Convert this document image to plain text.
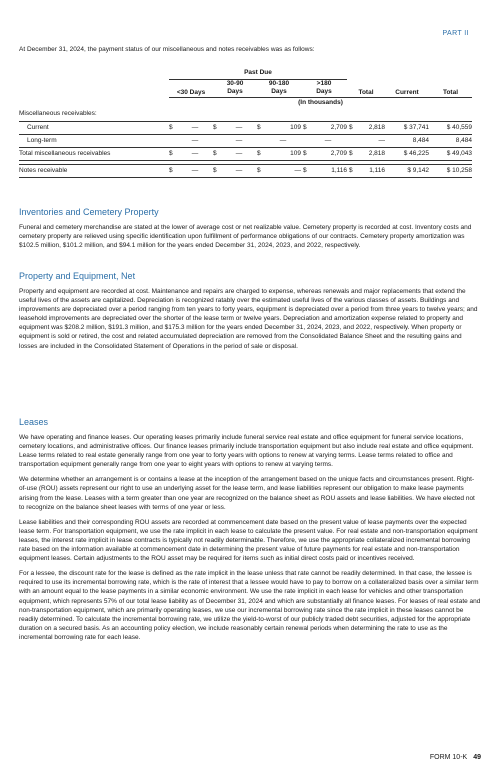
PART II
At December 31, 2024, the payment status of our miscellaneous and notes receivables was as follows:
	Past Due											
	<30 Days		30-90
Days		90-180
Days		>180
Days		Total		Current	Total
	(In thousands)											
Miscellaneous receivables:												
Current	$	—	$	—	$	109	$	2,709	$	2,818	$ 37,741	$ 40,559
Long-term		—		—		—		—		—	8,484	8,484
Total miscellaneous receivables	$	—	$	—	$	109	$	2,709	$	2,818	$ 46,225	$ 49,043

Notes receivable	$	—	$	—	$	—	$	1,116	$	1,116	$ 9,142	$ 10,258
Inventories and Cemetery Property

Funeral and cemetery merchandise are stated at the lower of average cost or net realizable value. Cemetery property is recorded at cost. Inventory costs and cemetery property are relieved using specific identification upon fulfillment of performance obligations of our contracts. Cemetery property amortization was $102.5 million, $101.2 million, and $94.1 million for the years ended December 31, 2024, 2023, and 2022, respectively.

Property and Equipment, Net

Property and equipment are recorded at cost. Maintenance and repairs are charged to expense, whereas renewals and major replacements that extend the useful lives of the assets are capitalized. Depreciation is recognized ratably over the estimated useful lives of the various classes of assets. Buildings and improvements are depreciated over a period ranging from ten years to forty years, equipment is depreciated over a period from three years to twelve years; and leasehold improvements are depreciated over the shorter of the lease term or twelve years. Depreciation and amortization expense related to property and equipment was $208.2 million, $191.3 million, and $175.3 million for the years ended December 31, 2024, 2023, and 2022, respectively. When property or equipment is sold or retired, the cost and related accumulated depreciation are removed from the Consolidated Balance Sheet and the resulting gains and losses are included in the Consolidated Statement of Operations in the period of sale or disposal.

Leases

We have operating and finance leases. Our operating leases primarily include funeral service real estate and office equipment for funeral service locations, cemetery locations, and administrative offices. Our finance leases primarily include transportation equipment but also include real estate and office equipment. Lease terms related to real estate generally range from one year to forty years with options to renew at varying terms. Lease terms related to office and transportation equipment generally range from one year to eight years with options to renew at varying terms.

We determine whether an arrangement is or contains a lease at the inception of the arrangement based on the unique facts and circumstances present. Right-of-use (ROU) assets represent our right to use an underlying asset for the lease term, and lease liabilities represent our obligation to make lease payments arising from the lease. Leases with a term greater than one year are recognized on the balance sheet as ROU assets and lease liabilities. We have elected not to recognize on the balance sheet leases with terms of one year or less.

Lease liabilities and their corresponding ROU assets are recorded at commencement date based on the present value of lease payments over the expected lease term. For transportation equipment, we use the rate implicit in each lease to calculate the present value. For real estate and non-transportation equipment leases, the interest rate implicit in lease contracts is typically not readily determinable. Therefore, we use the appropriate collateralized incremental borrowing rate based on the information available at commencement date in determining the present value of future payments for real estate and non-transportation equipment leases. Certain adjustments to the ROU asset may be required for items such as initial direct costs paid or incentives received.

For a lessee, the discount rate for the lease is defined as the rate implicit in the lease unless that rate cannot be readily determined. In that case, the lessee is required to use its incremental borrowing rate, which is the rate of interest that a lessee would have to pay to borrow on a collateralized basis over a similar term with an amount equal to the lease payments in a similar economic environment. We use the rate implicit in each lease for vehicles and other transportation equipment, which represents 57% of our total lease liability as of December 31, 2024 and which are substantially all finance leases. For leases of real estate and non-transportation equipment, which are primarily operating leases, we use our incremental borrowing rate since the rate implicit in these leases cannot be readily determined. To calculate the incremental borrowing rate, we utilize the yield-to-worst of our publicly traded debt securities, adjusted for the appropriate duration on a secured basis. As an accounting policy election, we include reasonably certain renewal periods when determining the rate to use as the incremental borrowing rate for each lease.

FORM 10-K 49
